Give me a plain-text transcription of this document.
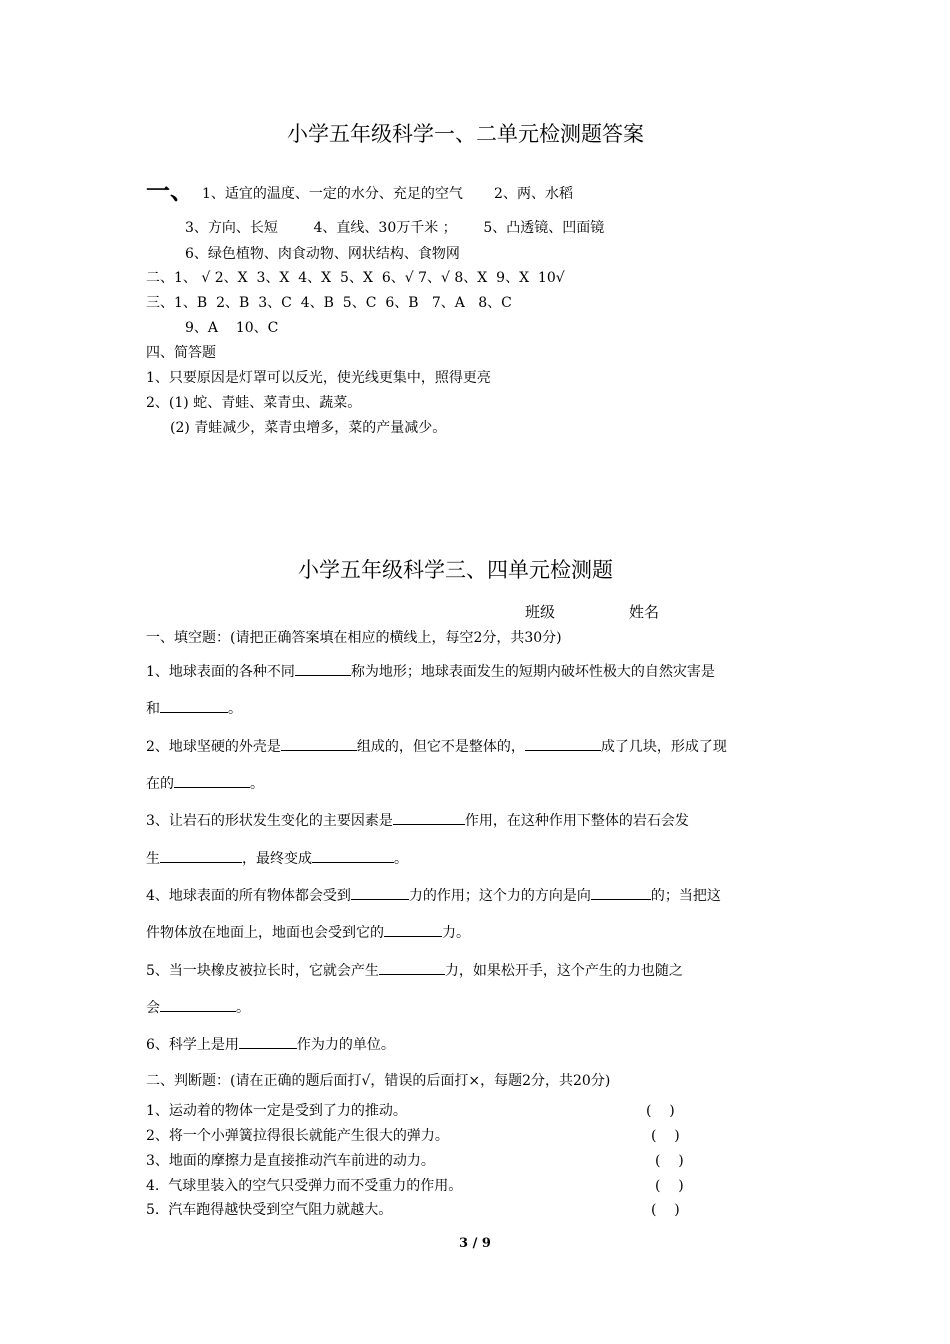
小学五年级科学一、二单元检测题答案
一、 1、适宜的温度、一定的水分、充足的空气       2、两、水稻
3、方向、长短        4、直线、30万千米 ；      5、凸透镜、凹面镜
6、绿色植物、肉食动物、网状结构、食物网
二、1、 √ 2、X  3、X  4、X  5、X  6、√ 7、√ 8、X  9、X  10√
三、1、B  2、B  3、C  4、B  5、C  6、B   7、A   8、C
9、A    10、C
四、简答题
1、只要原因是灯罩可以反光，使光线更集中，照得更亮
2、(1) 蛇、青蛙、菜青虫、蔬菜。
(2) 青蛙减少，菜青虫增多，菜的产量减少。
小学五年级科学三、四单元检测题
班级	姓名
一、填空题：(请把正确答案填在相应的横线上，每空2分，共30分)
1、地球表面的各种不同	称为地形；地球表面发生的短期内破坏性极大的自然灾害是
和	。
2、地球坚硬的外壳是	组成的，但它不是整体的，	成了几块，形成了现
在的	。
3、让岩石的形状发生变化的主要因素是	作用，在这种作用下整体的岩石会发
生	，最终变成	。
4、地球表面的所有物体都会受到	力的作用；这个力的方向是向	的；当把这
件物体放在地面上，地面也会受到它的	力。
5、当一块橡皮被拉长时，它就会产生	力，如果松开手，这个产生的力也随之
会	。
6、科学上是用	作为力的单位。
二、判断题：(请在正确的题后面打√，错误的后面打×，每题2分，共20分)
1、运动着的物体一定是受到了力的推动。	(    )
2、将一个小弹簧拉得很长就能产生很大的弹力。	(    )
3、地面的摩擦力是直接推动汽车前进的动力。	(    )
4.  气球里装入的空气只受弹力而不受重力的作用。	(    )
5.  汽车跑得越快受到空气阻力就越大。	(    )
3 / 9
